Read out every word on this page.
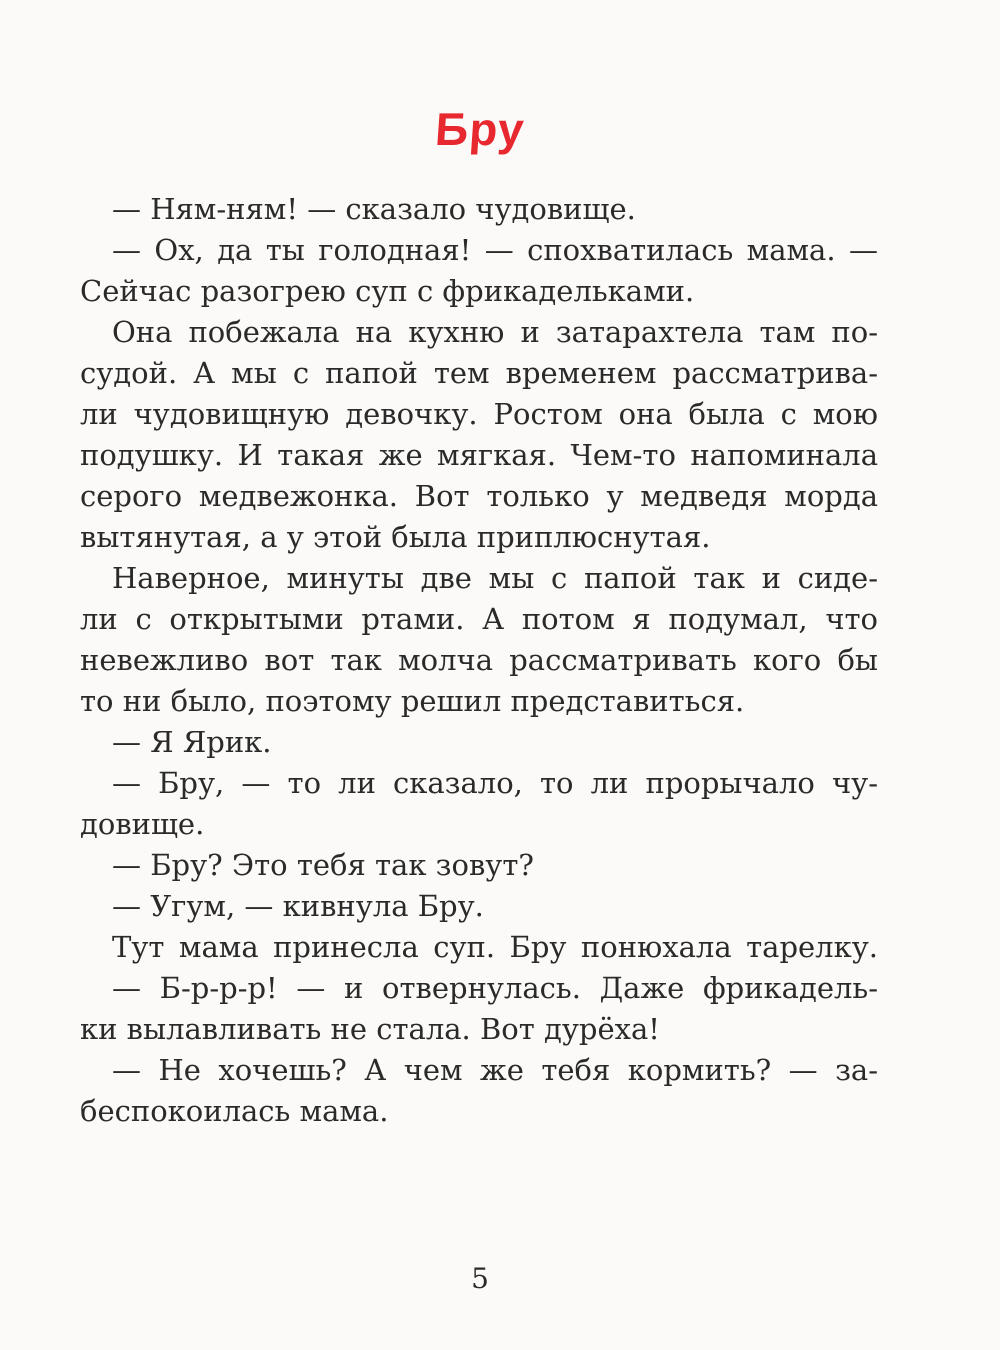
Бру
— Ням-ням! — сказало чудовище.
— Ох, да ты голодная! — спохватилась мама. —
Сейчас разогрею суп с фрикадельками.
Она побежала на кухню и затарахтела там по-
судой. А мы с папой тем временем рассматрива-
ли чудовищную девочку. Ростом она была с мою
подушку. И такая же мягкая. Чем-то напоминала
серого медвежонка. Вот только у медведя морда
вытянутая, а у этой была приплюснутая.
Наверное, минуты две мы с папой так и сиде-
ли с открытыми ртами. А потом я подумал, что
невежливо вот так молча рассматривать кого бы
то ни было, поэтому решил представиться.
— Я Ярик.
— Бру, — то ли сказало, то ли прорычало чу-
довище.
— Бру? Это тебя так зовут?
— Угум, — кивнула Бру.
Тут мама принесла суп. Бру понюхала тарелку.
— Б-р-р-р! — и отвернулась. Даже фрикадель-
ки вылавливать не стала. Вот дурёха!
— Не хочешь? А чем же тебя кормить? — за-
беспокоилась мама.
5
